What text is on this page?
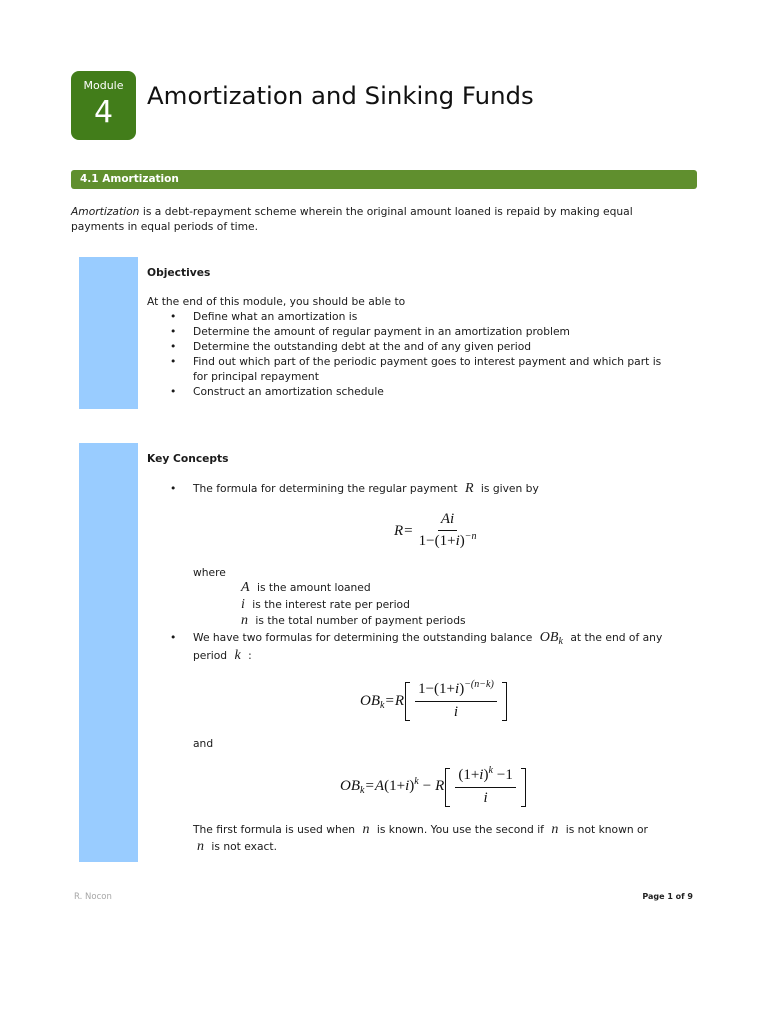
Module
4	Amortization and Sinking Funds
4.1 Amortization
Amortization is a debt-repayment scheme wherein the original amount loaned is repaid by making equal
payments in equal periods of time.
Objectives
At the end of this module, you should be able to
• Define what an amortization is
• Determine the amount of regular payment in an amortization problem
• Determine the outstanding debt at the and of any given period
• Find out which part of the periodic payment goes to interest payment and which part is
for principal repayment
• Construct an amortization schedule
Key Concepts
• The formula for determining the regular payment R is given by
$R = \frac{Ai}{1-(1+i)^{-n}}$
where
A is the amount loaned
i is the interest rate per period
n is the total number of payment periods
• We have two formulas for determining the outstanding balance $OB_k$ at the end of any
period k :
$OB_k=R \frac{1-(1+i)^{-(n-k)}}{i}$
and
$OB_k=A(1+i)^k - R \frac{(1+i)^k -1}{i}$
The first formula is used when n is known. You use the second if n is not known or
n is not exact.
R. Nocon	Page 1 of 9
